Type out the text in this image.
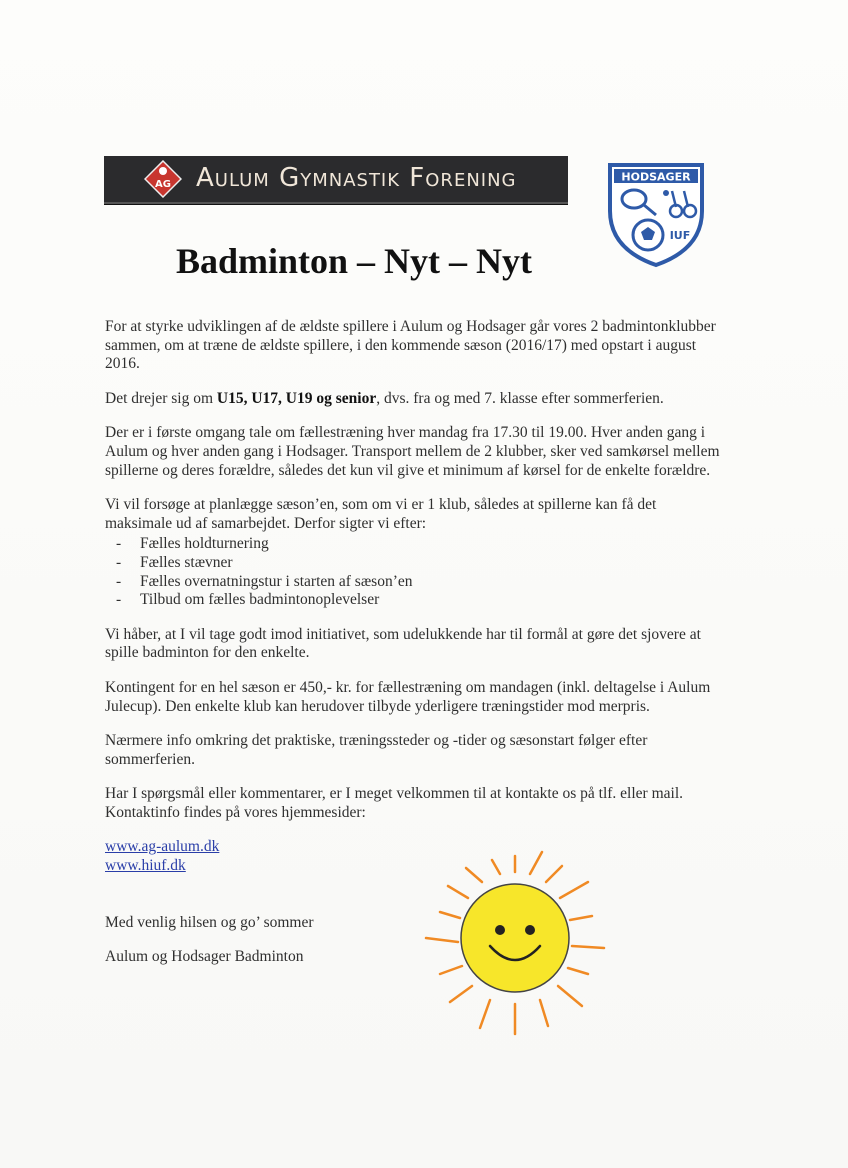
AG Aulum Gymnastik Forening	HODSAGER
IUF
Badminton – Nyt – Nyt

For at styrke udviklingen af de ældste spillere i Aulum og Hodsager går vores 2 badmintonklubber sammen, om at træne de ældste spillere, i den kommende sæson (2016/17) med opstart i august 2016.

Det drejer sig om U15, U17, U19 og senior, dvs. fra og med 7. klasse efter sommerferien.

Der er i første omgang tale om fællestræning hver mandag fra 17.30 til 19.00. Hver anden gang i Aulum og hver anden gang i Hodsager. Transport mellem de 2 klubber, sker ved samkørsel mellem spillerne og deres forældre, således det kun vil give et minimum af kørsel for de enkelte forældre.

Vi vil forsøge at planlægge sæson’en, som om vi er 1 klub, således at spillerne kan få det maksimale ud af samarbejdet. Derfor sigter vi efter:

- Fælles holdturnering
- Fælles stævner
- Fælles overnatningstur i starten af sæson’en
- Tilbud om fælles badmintonoplevelser

Vi håber, at I vil tage godt imod initiativet, som udelukkende har til formål at gøre det sjovere at spille badminton for den enkelte.

Kontingent for en hel sæson er 450,- kr. for fællestræning om mandagen (inkl. deltagelse i Aulum Julecup). Den enkelte klub kan herudover tilbyde yderligere træningstider mod merpris.

Nærmere info omkring det praktiske, træningssteder og -tider og sæsonstart følger efter sommerferien.

Har I spørgsmål eller kommentarer, er I meget velkommen til at kontakte os på tlf. eller mail. Kontaktinfo findes på vores hjemmesider:

www.ag-aulum.dk
www.hiuf.dk

Med venlig hilsen og go’ sommer

Aulum og Hodsager Badminton
